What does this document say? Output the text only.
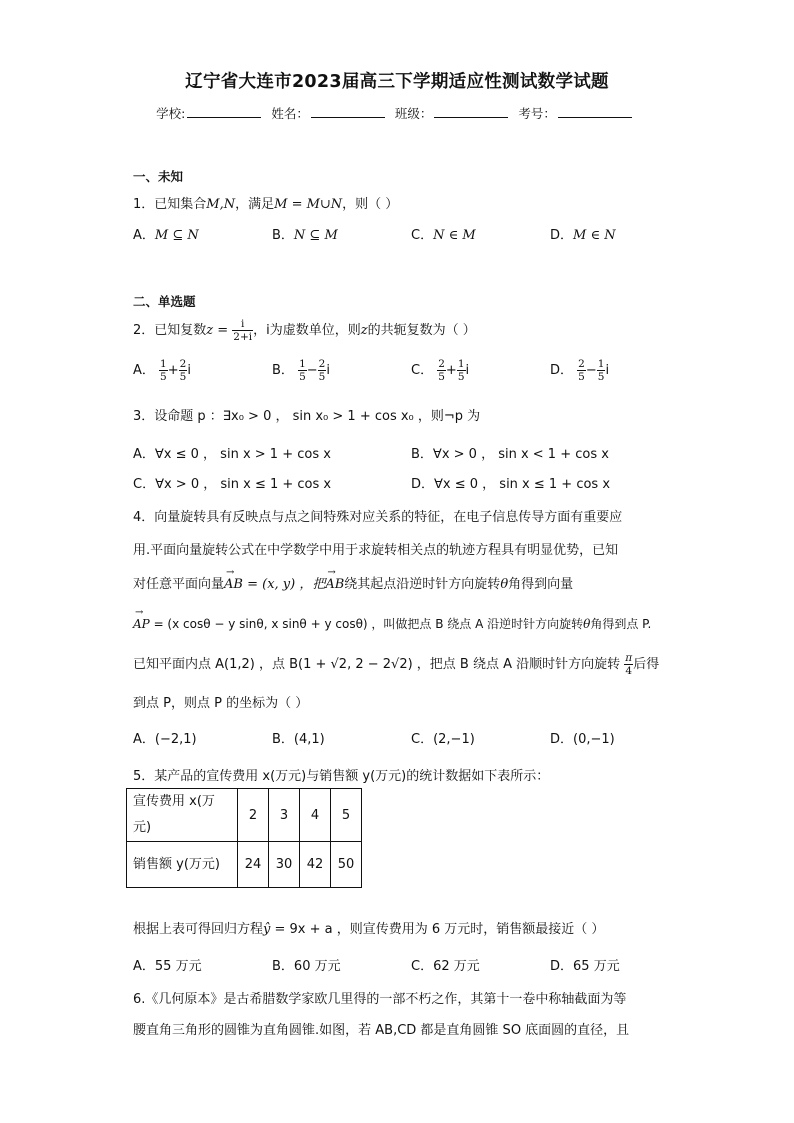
辽宁省大连市2023届高三下学期适应性测试数学试题
学校:	姓名：	班级：	考号：
一、未知
1．已知集合M,N，满足M = M∪N，则（ ）
A．M ⊆ N	B．N ⊆ M	C．N ∈ M	D．M ∈ N
二、单选题
2．已知复数$z = \frac{i}{2+i}$ ，i为虚数单位，则z的共轭复数为（ ）
A． $\frac{1}{5} + \frac{2}{5}$ i	B． $\frac{1}{5} - \frac{2}{5}$ i	C． $\frac{2}{5} + \frac{1}{5}$ i	D． $\frac{2}{5} - \frac{1}{5}$ i
3．设命题 p ：∃x₀ > 0 ， sin x₀ > 1 + cos x₀ ，则¬p 为
A．∀x ≤ 0 ， sin x > 1 + cos x	B．∀x > 0 ， sin x < 1 + cos x
C．∀x > 0 ， sin x ≤ 1 + cos x	D．∀x ≤ 0 ， sin x ≤ 1 + cos x
4．向量旋转具有反映点与点之间特殊对应关系的特征，在电子信息传导方面有重要应
用.平面向量旋转公式在中学数学中用于求旋转相关点的轨迹方程具有明显优势，已知
对任意平面向量→ AB = (x, y) ，把→ AB绕其起点沿逆时针方向旋转θ角得到向量
→ AP = (x cosθ − y sinθ, x sinθ + y cosθ) ，叫做把点 B 绕点 A 沿逆时针方向旋转θ角得到点 P.
已知平面内点 A(1,2) ，点 B(1 + √2, 2 − 2√2) ，把点 B 绕点 A 沿顺时针方向旋转 $\frac{\pi}{4}$ 后得
到点 P，则点 P 的坐标为（ ）
A．(−2,1)	B．(4,1)	C．(2,−1)	D．(0,−1)
5．某产品的宣传费用 x(万元)与销售额 y(万元)的统计数据如下表所示：
宣传费用 x(万
元)	2	3	4	5
销售额 y(万元)	24	30	42	50
根据上表可得回归方程ŷ = 9x + a ，则宣传费用为 6 万元时，销售额最接近（ ）
A．55 万元	B．60 万元	C．62 万元	D．65 万元
6.《几何原本》是古希腊数学家欧几里得的一部不朽之作，其第十一卷中称轴截面为等
腰直角三角形的圆锥为直角圆锥.如图，若 AB,CD 都是直角圆锥 SO 底面圆的直径，且
